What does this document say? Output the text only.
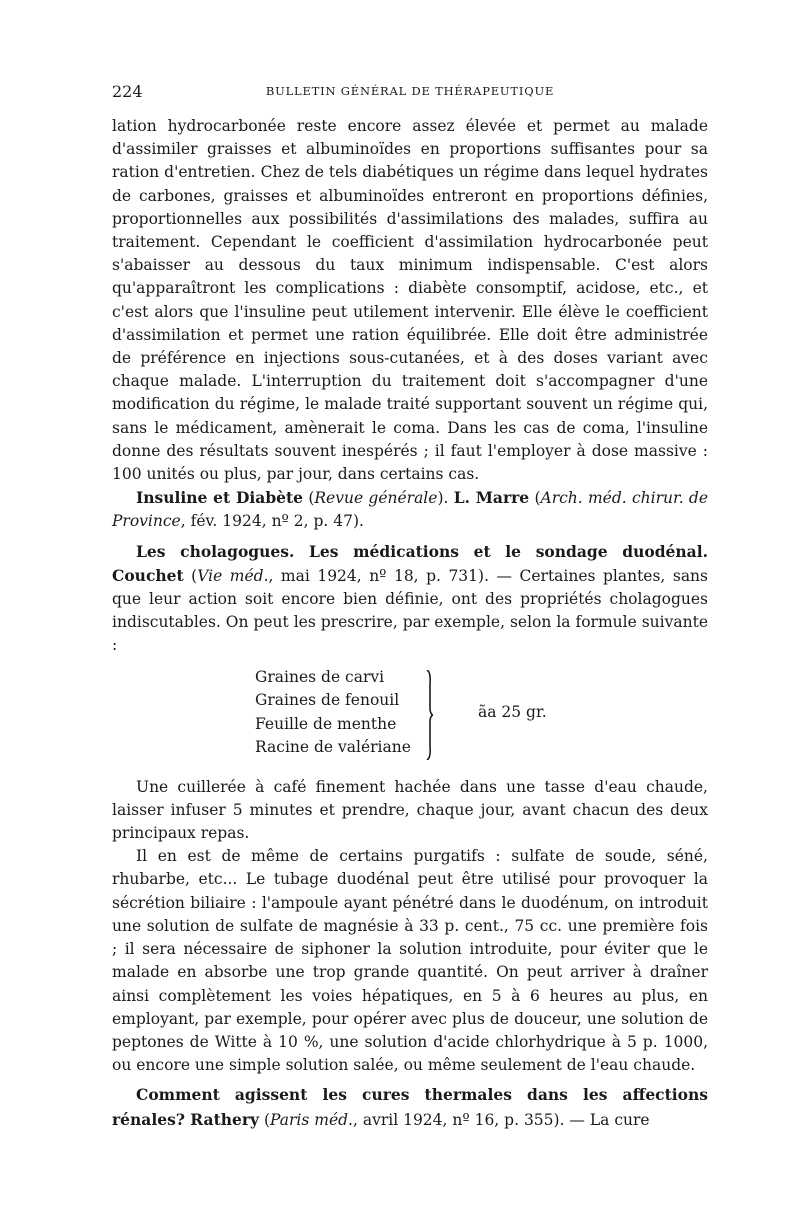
224	BULLETIN GÉNÉRAL DE THÉRAPEUTIQUE

lation hydrocarbonée reste encore assez élevée et permet au malade d'assimiler graisses et albuminoïdes en proportions suffisantes pour sa ration d'entretien. Chez de tels diabétiques un régime dans lequel hydrates de carbones, graisses et albuminoïdes entreront en proportions définies, proportionnelles aux possibilités d'assimilations des malades, suffira au traitement. Cependant le coefficient d'assimilation hydrocarbonée peut s'abaisser au dessous du taux minimum indispensable. C'est alors qu'apparaîtront les complications : diabète consomptif, acidose, etc., et c'est alors que l'insuline peut utilement intervenir. Elle élève le coefficient d'assimilation et permet une ration équilibrée. Elle doit être administrée de préférence en injections sous-cutanées, et à des doses variant avec chaque malade. L'interruption du traitement doit s'accompagner d'une modification du régime, le malade traité supportant souvent un régime qui, sans le médicament, amènerait le coma. Dans les cas de coma, l'insuline donne des résultats souvent inespérés ; il faut l'employer à dose massive : 100 unités ou plus, par jour, dans certains cas.

Insuline et Diabète (Revue générale). L. Marre (Arch. méd. chirur. de Province, fév. 1924, nº 2, p. 47).

Les cholagogues. Les médications et le sondage duodénal. Couchet (Vie méd., mai 1924, nº 18, p. 731). — Certaines plantes, sans que leur action soit encore bien définie, ont des propriétés cholagogues indiscutables. On peut les prescrire, par exemple, selon la formule suivante :

Graines de carvi
Graines de fenouil
Feuille de menthe
Racine de valériane
ãa 25 gr.

Une cuillerée à café finement hachée dans une tasse d'eau chaude, laisser infuser 5 minutes et prendre, chaque jour, avant chacun des deux principaux repas.

Il en est de même de certains purgatifs : sulfate de soude, séné, rhubarbe, etc... Le tubage duodénal peut être utilisé pour provoquer la sécrétion biliaire : l'ampoule ayant pénétré dans le duodénum, on introduit une solution de sulfate de magnésie à 33 p. cent., 75 cc. une première fois ; il sera nécessaire de siphoner la solution introduite, pour éviter que le malade en absorbe une trop grande quantité. On peut arriver à draîner ainsi complètement les voies hépatiques, en 5 à 6 heures au plus, en employant, par exemple, pour opérer avec plus de douceur, une solution de peptones de Witte à 10 %, une solution d'acide chlorhydrique à 5 p. 1000, ou encore une simple solution salée, ou même seulement de l'eau chaude.

Comment agissent les cures thermales dans les affections rénales? Rathery (Paris méd., avril 1924, nº 16, p. 355). — La cure
